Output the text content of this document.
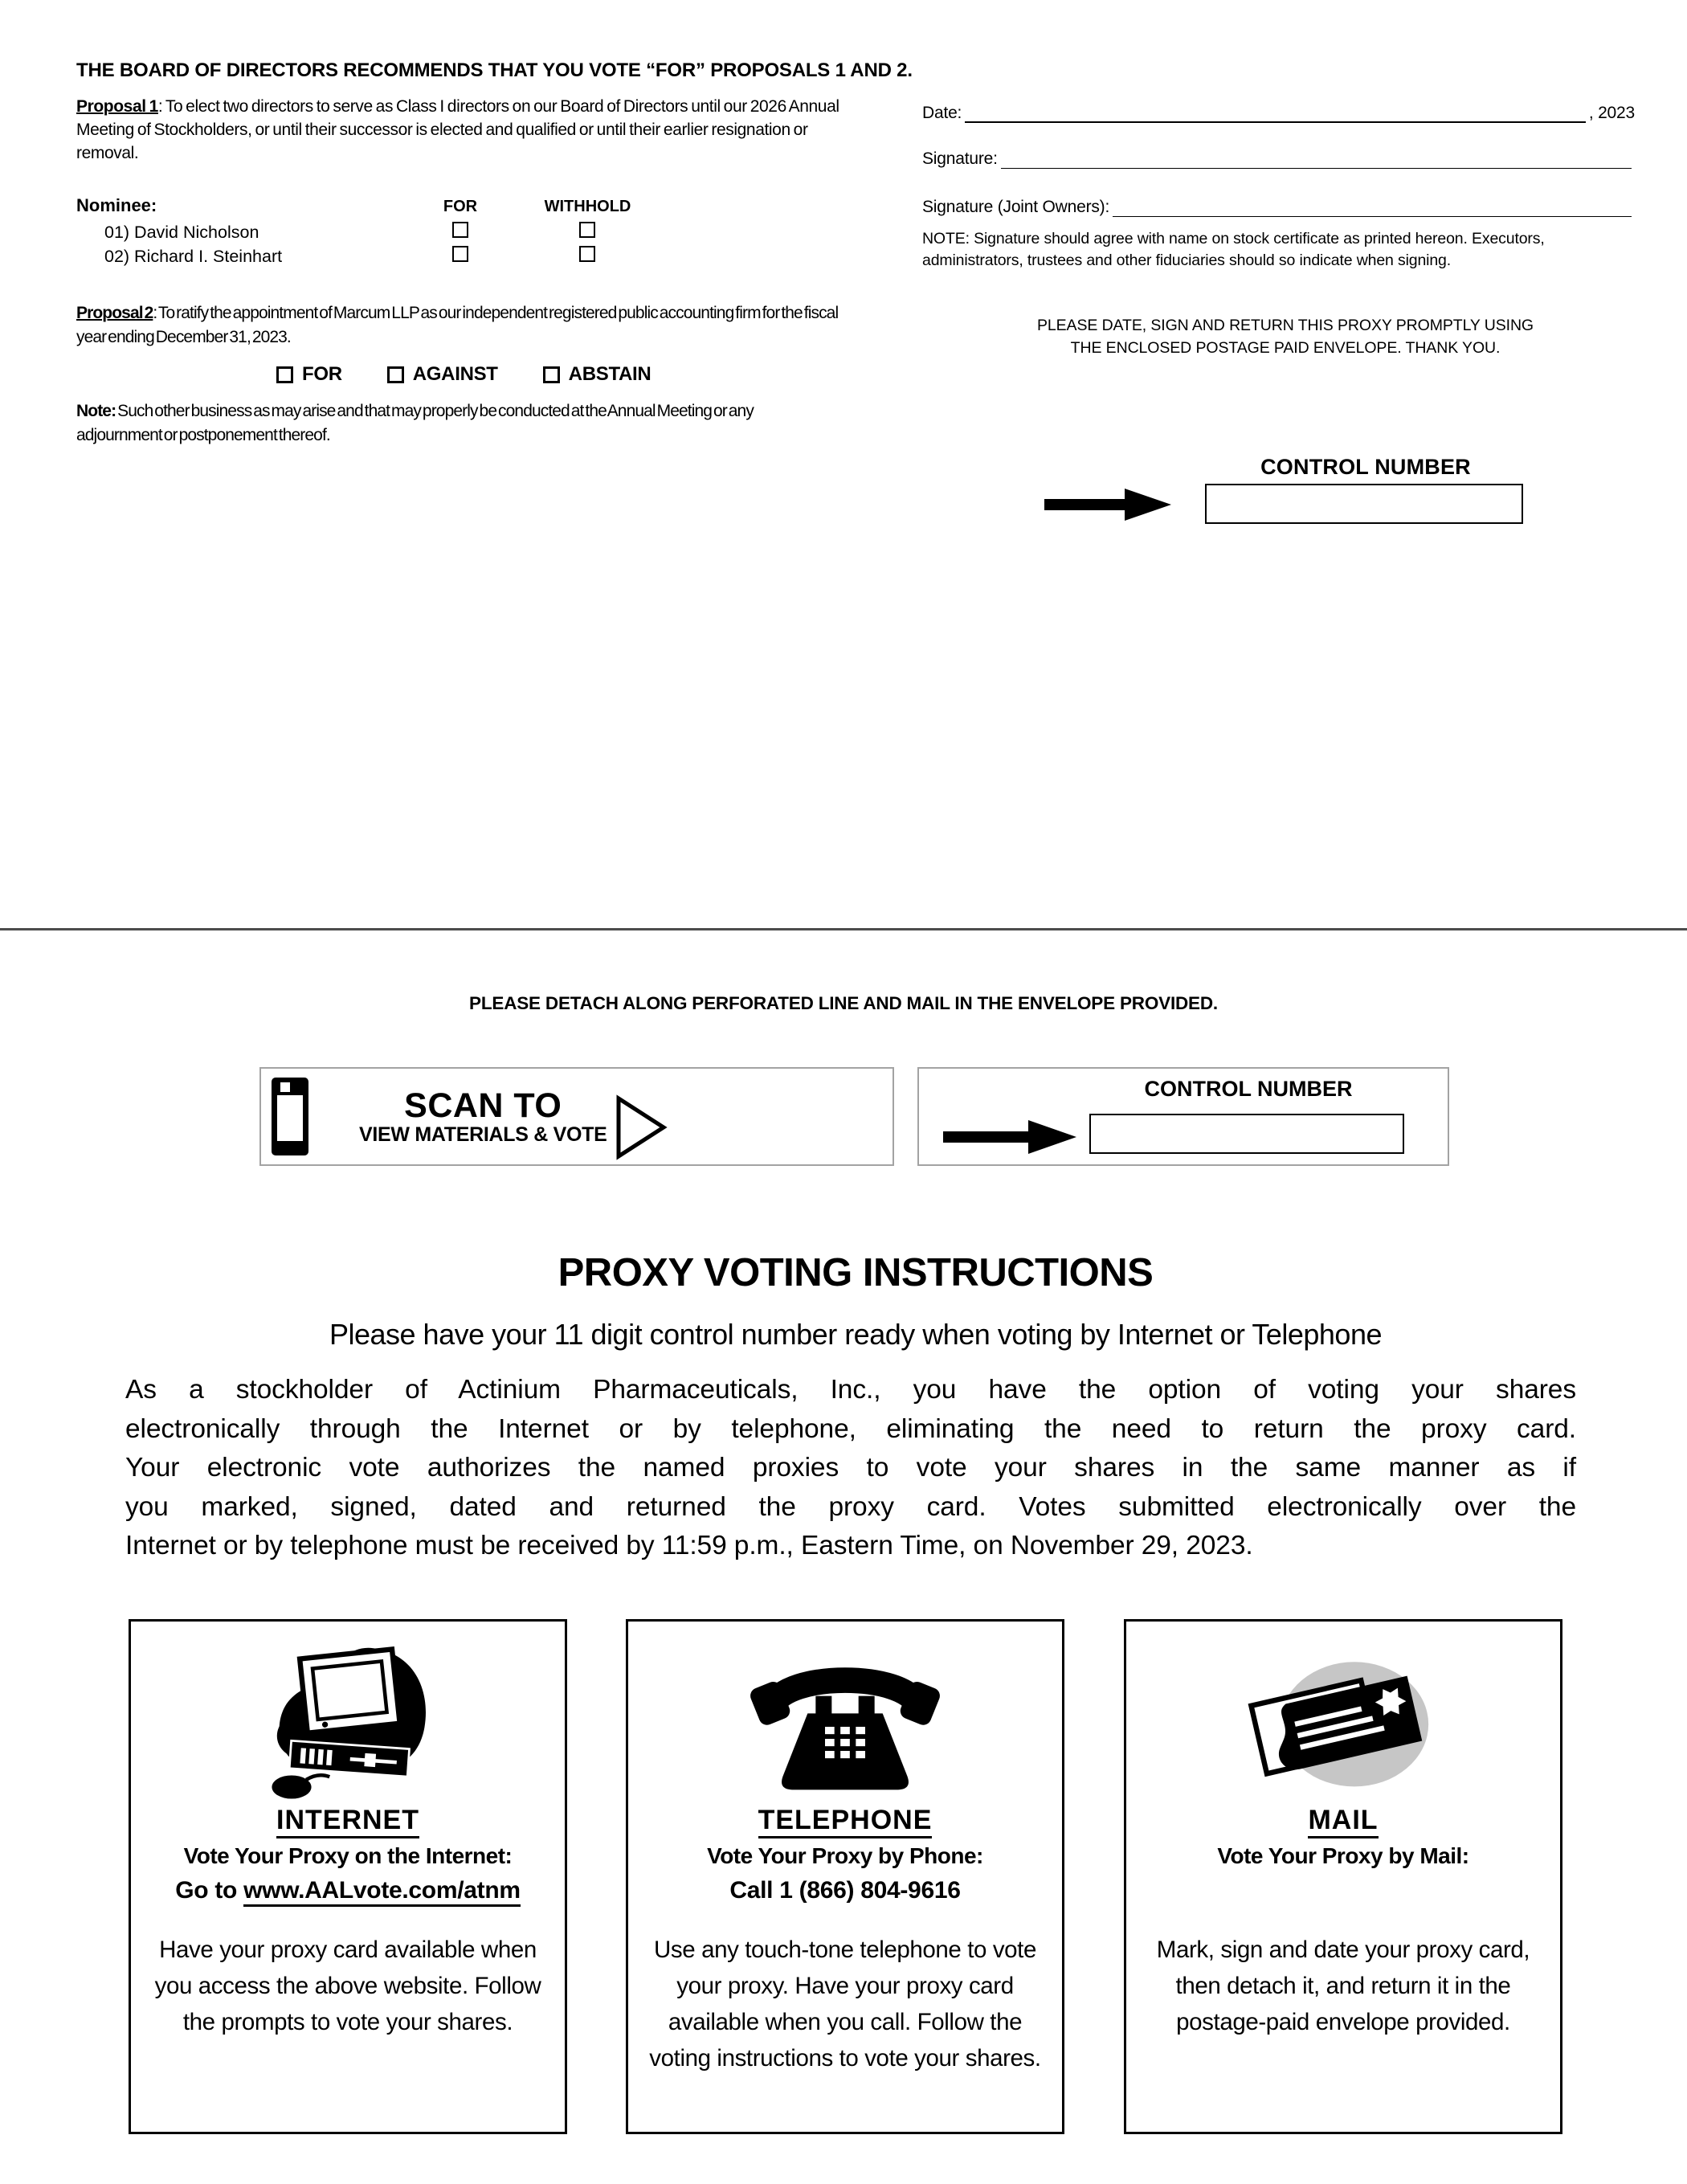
THE BOARD OF DIRECTORS RECOMMENDS THAT YOU VOTE “FOR” PROPOSALS 1 AND 2.
Proposal 1: To elect two directors to serve as Class I directors on our Board of Directors until our 2026 Annual Meeting of Stockholders, or until their successor is elected and qualified or until their earlier resignation or removal.
Nominee:	FOR	WITHHOLD
01) David Nicholson
02) Richard I. Steinhart
Proposal 2: To ratify the appointment of Marcum LLP as our independent registered public accounting firm for the fiscal year ending December 31, 2023.
FOR	AGAINST	ABSTAIN
Note: Such other business as may arise and that may properly be conducted at the Annual Meeting or any adjournment or postponement thereof.
Date:	, 2023
Signature:
Signature (Joint Owners):
NOTE: Signature should agree with name on stock certificate as printed hereon. Executors, administrators, trustees and other fiduciaries should so indicate when signing.
PLEASE DATE, SIGN AND RETURN THIS PROXY PROMPTLY USING
THE ENCLOSED POSTAGE PAID ENVELOPE. THANK YOU.
CONTROL NUMBER
PLEASE DETACH ALONG PERFORATED LINE AND MAIL IN THE ENVELOPE PROVIDED.
SCAN TO
VIEW MATERIALS & VOTE
CONTROL NUMBER
PROXY VOTING INSTRUCTIONS
Please have your 11 digit control number ready when voting by Internet or Telephone
As a stockholder of Actinium Pharmaceuticals, Inc., you have the option of voting your shares
electronically through the Internet or by telephone, eliminating the need to return the proxy card.
Your electronic vote authorizes the named proxies to vote your shares in the same manner as if
you marked, signed, dated and returned the proxy card. Votes submitted electronically over the
Internet or by telephone must be received by 11:59 p.m., Eastern Time, on November 29, 2023.
INTERNET
Vote Your Proxy on the Internet:
Go to www.AALvote.com/atnm
Have your proxy card available when you access the above website. Follow the prompts to vote your shares.
TELEPHONE
Vote Your Proxy by Phone:
Call 1 (866) 804-9616
Use any touch-tone telephone to vote your proxy. Have your proxy card available when you call. Follow the voting instructions to vote your shares.
MAIL
Vote Your Proxy by Mail:
Mark, sign and date your proxy card, then detach it, and return it in the postage-paid envelope provided.
